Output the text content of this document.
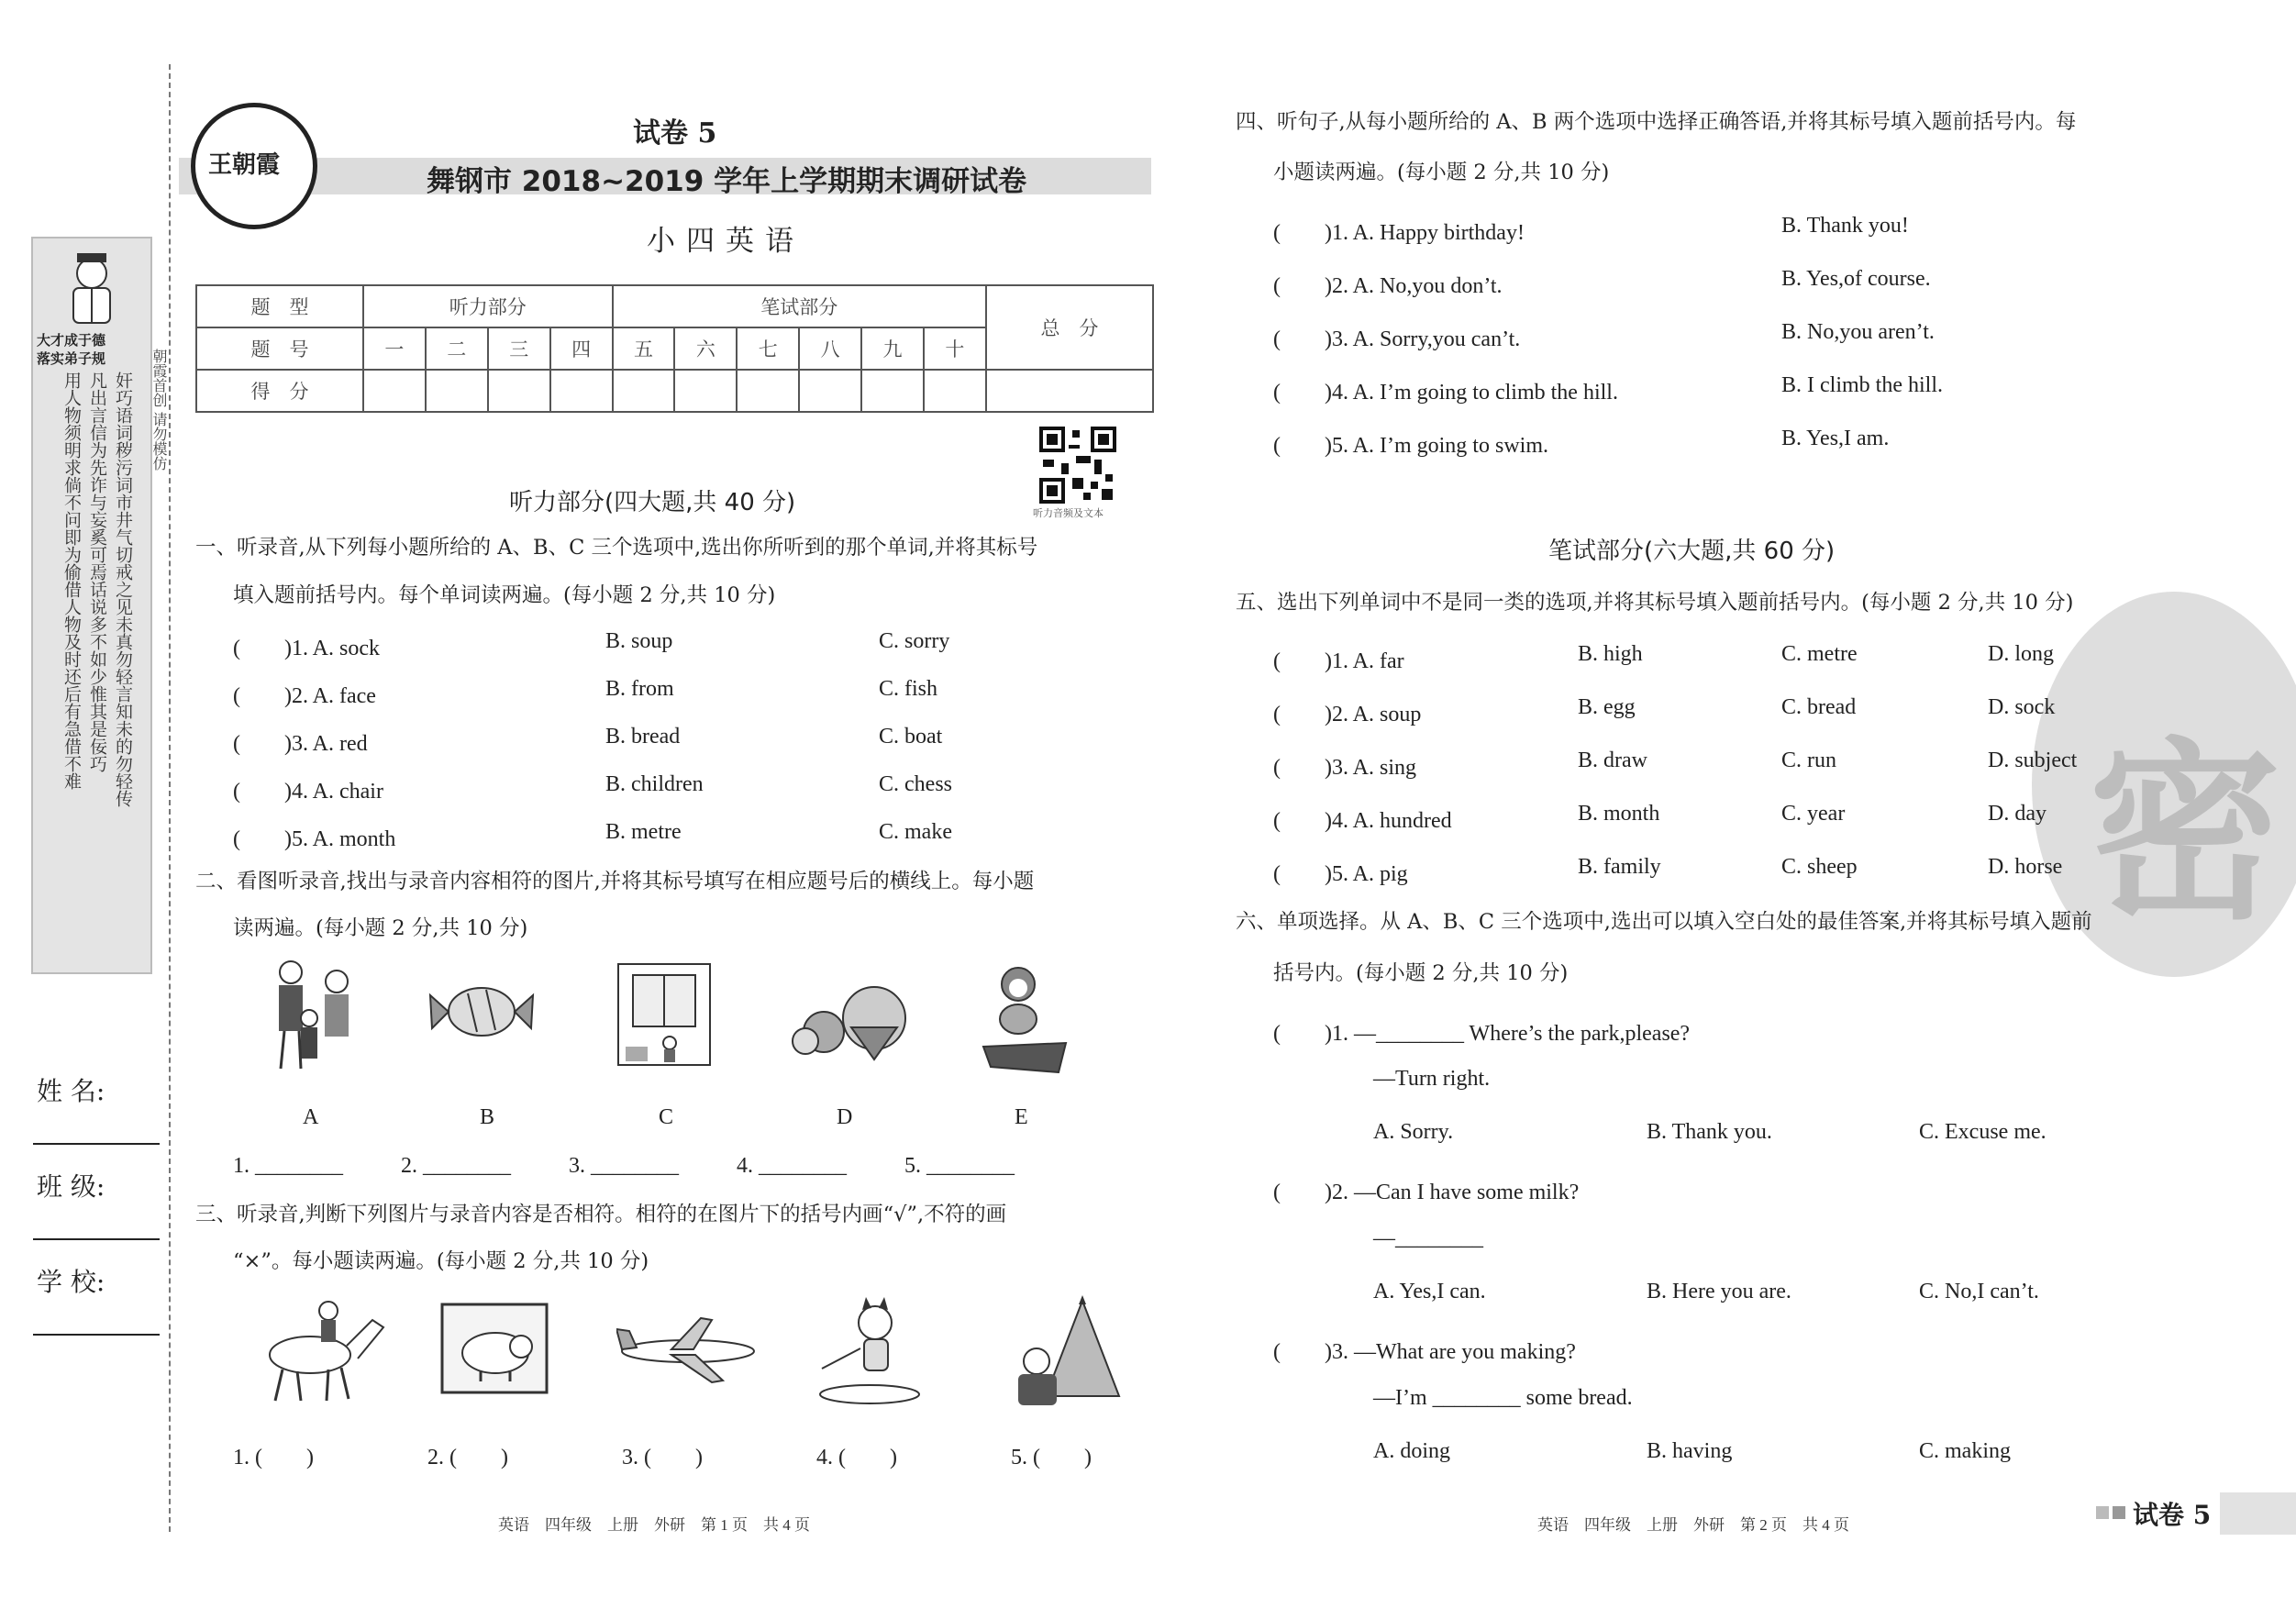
大才成于德
落实弟子规
奸巧语词秽污词市井气切戒之见未真勿轻言知未的勿轻传
凡出言信为先诈与妄奚可焉话说多不如少惟其是佞巧
用人物须明求倘不问即为偷借人物及时还后有急借不难	朝霞首创 请勿模仿
姓 名:
班 级:
学 校:
王朝霞
试卷 5
舞钢市 2018~2019 学年上学期期末调研试卷
小四英语
题　型	听力部分				笔试部分						总　分
题　号	一	二	三	四	五	六	七	八	九	十	
得　分											
听力音频及文本
听力部分(四大题,共 40 分)
一、听录音,从下列每小题所给的 A、B、C 三个选项中,选出你所听到的那个单词,并将其标号
填入题前括号内。每个单词读两遍。(每小题 2 分,共 10 分)
(　　)1. A. sock	B. soup	C. sorry
(　　)2. A. face	B. from	C. fish
(　　)3. A. red	B. bread	C. boat
(　　)4. A. chair	B. children	C. chess
(　　)5. A. month	B. metre	C. make
二、看图听录音,找出与录音内容相符的图片,并将其标号填写在相应题号后的横线上。每小题
读两遍。(每小题 2 分,共 10 分)
A	B	C	D	E
1. ________	2. ________	3. ________	4. ________	5. ________
三、听录音,判断下列图片与录音内容是否相符。相符的在图片下的括号内画“√”,不符的画
“×”。每小题读两遍。(每小题 2 分,共 10 分)
1. (　　)	2. (　　)	3. (　　)	4. (　　)	5. (　　)
英语　四年级　上册　外研　第 1 页　共 4 页
四、听句子,从每小题所给的 A、B 两个选项中选择正确答语,并将其标号填入题前括号内。每
小题读两遍。(每小题 2 分,共 10 分)
(　　)1. A. Happy birthday!	B. Thank you!
(　　)2. A. No,you don’t.	B. Yes,of course.
(　　)3. A. Sorry,you can’t.	B. No,you aren’t.
(　　)4. A. I’m going to climb the hill.	B. I climb the hill.
(　　)5. A. I’m going to swim.	B. Yes,I am.
密
笔试部分(六大题,共 60 分)
五、选出下列单词中不是同一类的选项,并将其标号填入题前括号内。(每小题 2 分,共 10 分)
(　　)1. A. far	B. high	C. metre	D. long
(　　)2. A. soup	B. egg	C. bread	D. sock
(　　)3. A. sing	B. draw	C. run	D. subject
(　　)4. A. hundred	B. month	C. year	D. day
(　　)5. A. pig	B. family	C. sheep	D. horse
六、单项选择。从 A、B、C 三个选项中,选出可以填入空白处的最佳答案,并将其标号填入题前
括号内。(每小题 2 分,共 10 分)
(　　)1. —________ Where’s the park,please?
—Turn right.
A. Sorry.	B. Thank you.	C. Excuse me.
(　　)2. —Can I have some milk?
—________
A. Yes,I can.	B. Here you are.	C. No,I can’t.
(　　)3. —What are you making?
—I’m ________ some bread.
A. doing	B. having	C. making
英语　四年级　上册　外研　第 2 页　共 4 页	试卷 5
